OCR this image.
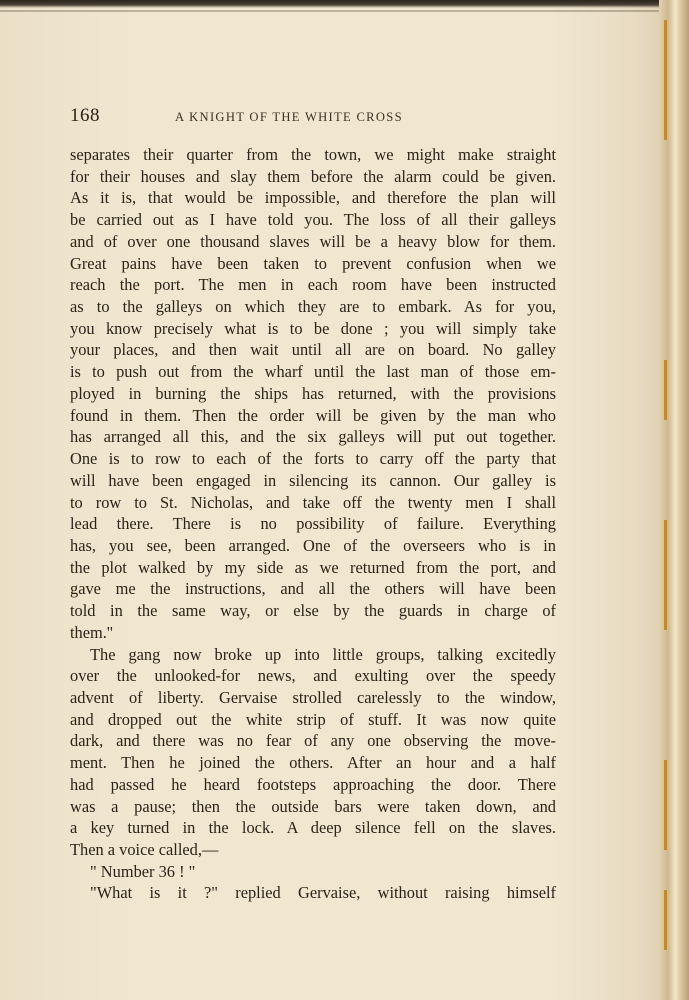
168	A KNIGHT OF THE WHITE CROSS
separates their quarter from the town, we might make straight
for their houses and slay them before the alarm could be given.
As it is, that would be impossible, and therefore the plan will
be carried out as I have told you. The loss of all their galleys
and of over one thousand slaves will be a heavy blow for them.
Great pains have been taken to prevent confusion when we
reach the port. The men in each room have been instructed
as to the galleys on which they are to embark. As for you,
you know precisely what is to be done ; you will simply take
your places, and then wait until all are on board. No galley
is to push out from the wharf until the last man of those em-
ployed in burning the ships has returned, with the provisions
found in them. Then the order will be given by the man who
has arranged all this, and the six galleys will put out together.
One is to row to each of the forts to carry off the party that
will have been engaged in silencing its cannon. Our galley is
to row to St. Nicholas, and take off the twenty men I shall
lead there. There is no possibility of failure. Everything
has, you see, been arranged. One of the overseers who is in
the plot walked by my side as we returned from the port, and
gave me the instructions, and all the others will have been
told in the same way, or else by the guards in charge of
them.''
The gang now broke up into little groups, talking excitedly
over the unlooked-for news, and exulting over the speedy
advent of liberty. Gervaise strolled carelessly to the window,
and dropped out the white strip of stuff. It was now quite
dark, and there was no fear of any one observing the move-
ment. Then he joined the others. After an hour and a half
had passed he heard footsteps approaching the door. There
was a pause; then the outside bars were taken down, and
a key turned in the lock. A deep silence fell on the slaves.
Then a voice called,—
" Number 36 ! "
"What is it ?" replied Gervaise, without raising himself
